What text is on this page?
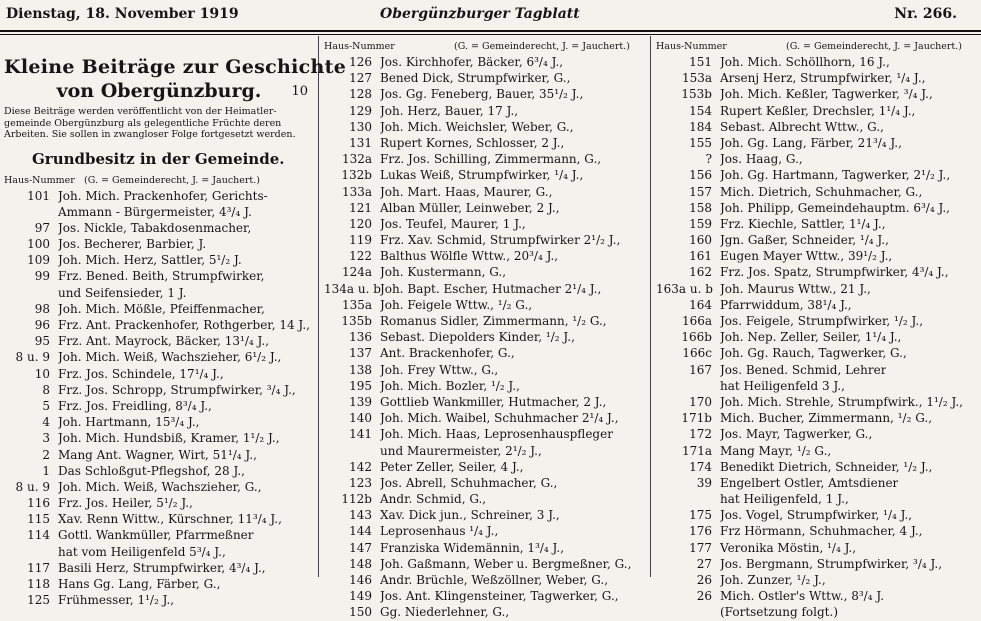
Dienstag, 18. November 1919	Obergünzburger Tagblatt	Nr. 266.
Kleine Beiträge zur Geschichte
von Obergünzburg. 10
Diese Beiträge werden veröffentlicht von der Heimatler-gemeinde Obergünzburg als gelegentliche Früchte deren Arbeiten. Sie sollen in zwangloser Folge fortgesetzt werden.
Grundbesitz in der Gemeinde.
Haus-Nummer (G. = Gemeinderecht, J. = Jauchert.)
101 Joh. Mich. Prackenhofer, Gerichts-
Ammann - Bürgermeister, 4³/₄ J.
97 Jos. Nickle, Tabakdosenmacher,
100 Jos. Becherer, Barbier, J.
109 Joh. Mich. Herz, Sattler, 5¹/₂ J.
99 Frz. Bened. Beith, Strumpfwirker,
und Seifensieder, 1 J.
98 Joh. Mich. Mößle, Pfeiffenmacher,
96 Frz. Ant. Prackenhofer, Rothgerber, 14 J.,
95 Frz. Ant. Mayrock, Bäcker, 13¹/₄ J.,
8 u. 9 Joh. Mich. Weiß, Wachszieher, 6¹/₂ J.,
10 Frz. Jos. Schindele, 17¹/₄ J.,
8 Frz. Jos. Schropp, Strumpfwirker, ³/₄ J.,
5 Frz. Jos. Freidling, 8³/₄ J.,
4 Joh. Hartmann, 15³/₄ J.,
3 Joh. Mich. Hundsbiß, Kramer, 1¹/₂ J.,
2 Mang Ant. Wagner, Wirt, 51¹/₄ J.,
1 Das Schloßgut-Pflegshof, 28 J.,
8 u. 9 Joh. Mich. Weiß, Wachszieher, G.,
116 Frz. Jos. Heiler, 5¹/₂ J.,
115 Xav. Renn Wittw., Kürschner, 11³/₄ J.,
114 Gottl. Wankmüller, Pfarrmeßner
hat vom Heiligenfeld 5³/₄ J.,
117 Basili Herz, Strumpfwirker, 4³/₄ J.,
118 Hans Gg. Lang, Färber, G.,
125 Frühmesser, 1¹/₂ J.,
Haus-Nummer	(G. = Gemeinderecht, J. = Jauchert.)
126 Jos. Kirchhofer, Bäcker, 6³/₄ J.,
127 Bened Dick, Strumpfwirker, G.,
128 Jos. Gg. Feneberg, Bauer, 35¹/₂ J.,
129 Joh. Herz, Bauer, 17 J.,
130 Joh. Mich. Weichsler, Weber, G.,
131 Rupert Kornes, Schlosser, 2 J.,
132a Frz. Jos. Schilling, Zimmermann, G.,
132b Lukas Weiß, Strumpfwirker, ¹/₄ J.,
133a Joh. Mart. Haas, Maurer, G.,
121 Alban Müller, Leinweber, 2 J.,
120 Jos. Teufel, Maurer, 1 J.,
119 Frz. Xav. Schmid, Strumpfwirker 2¹/₂ J.,
122 Balthus Wölfle Wttw., 20³/₄ J.,
124a Joh. Kustermann, G.,
134a u. b Joh. Bapt. Escher, Hutmacher 2¹/₄ J.,
135a Joh. Feigele Wttw., ¹/₂ G.,
135b Romanus Sidler, Zimmermann, ¹/₂ G.,
136 Sebast. Diepolders Kinder, ¹/₂ J.,
137 Ant. Brackenhofer, G.,
138 Joh. Frey Wttw., G.,
195 Joh. Mich. Bozler, ¹/₂ J.,
139 Gottlieb Wankmiller, Hutmacher, 2 J.,
140 Joh. Mich. Waibel, Schuhmacher 2¹/₄ J.,
141 Joh. Mich. Haas, Leprosenhauspfleger
und Maurermeister, 2¹/₂ J.,
142 Peter Zeller, Seiler, 4 J.,
123 Jos. Abrell, Schuhmacher, G.,
112b Andr. Schmid, G.,
143 Xav. Dick jun., Schreiner, 3 J.,
144 Leprosenhaus ¹/₄ J.,
147 Franziska Widemännin, 1³/₄ J.,
148 Joh. Gaßmann, Weber u. Bergmeßner, G.,
146 Andr. Brüchle, Weßzöllner, Weber, G.,
149 Jos. Ant. Klingensteiner, Tagwerker, G.,
150 Gg. Niederlehner, G.,
Haus-Nummer	(G. = Gemeinderecht, J. = Jauchert.)
151 Joh. Mich. Schöllhorn, 16 J.,
153a Arsenj Herz, Strumpfwirker, ¹/₄ J.,
153b Joh. Mich. Keßler, Tagwerker, ³/₄ J.,
154 Rupert Keßler, Drechsler, 1¹/₄ J.,
184 Sebast. Albrecht Wttw., G.,
155 Joh. Gg. Lang, Färber, 21³/₄ J.,
? Jos. Haag, G.,
156 Joh. Gg. Hartmann, Tagwerker, 2¹/₂ J.,
157 Mich. Dietrich, Schuhmacher, G.,
158 Joh. Philipp, Gemeindehauptm. 6³/₄ J.,
159 Frz. Kiechle, Sattler, 1¹/₄ J.,
160 Jgn. Gaßer, Schneider, ¹/₄ J.,
161 Eugen Mayer Wttw., 39¹/₂ J.,
162 Frz. Jos. Spatz, Strumpfwirker, 4³/₄ J.,
163a u. b Joh. Maurus Wttw., 21 J.,
164 Pfarrwiddum, 38¹/₄ J.,
166a Jos. Feigele, Strumpfwirker, ¹/₂ J.,
166b Joh. Nep. Zeller, Seiler, 1¹/₄ J.,
166c Joh. Gg. Rauch, Tagwerker, G.,
167 Jos. Bened. Schmid, Lehrer
hat Heiligenfeld 3 J.,
170 Joh. Mich. Strehle, Strumpfwirk., 1¹/₂ J.,
171b Mich. Bucher, Zimmermann, ¹/₂ G.,
172 Jos. Mayr, Tagwerker, G.,
171a Mang Mayr, ¹/₂ G.,
174 Benedikt Dietrich, Schneider, ¹/₂ J.,
39 Engelbert Ostler, Amtsdiener
hat Heiligenfeld, 1 J.,
175 Jos. Vogel, Strumpfwirker, ¹/₄ J.,
176 Frz Hörmann, Schuhmacher, 4 J.,
177 Veronika Möstin, ¹/₄ J.,
27 Jos. Bergmann, Strumpfwirker, ³/₄ J.,
26 Joh. Zunzer, ¹/₂ J.,
26 Mich. Ostler's Wttw., 8³/₄ J.
(Fortsetzung folgt.)
